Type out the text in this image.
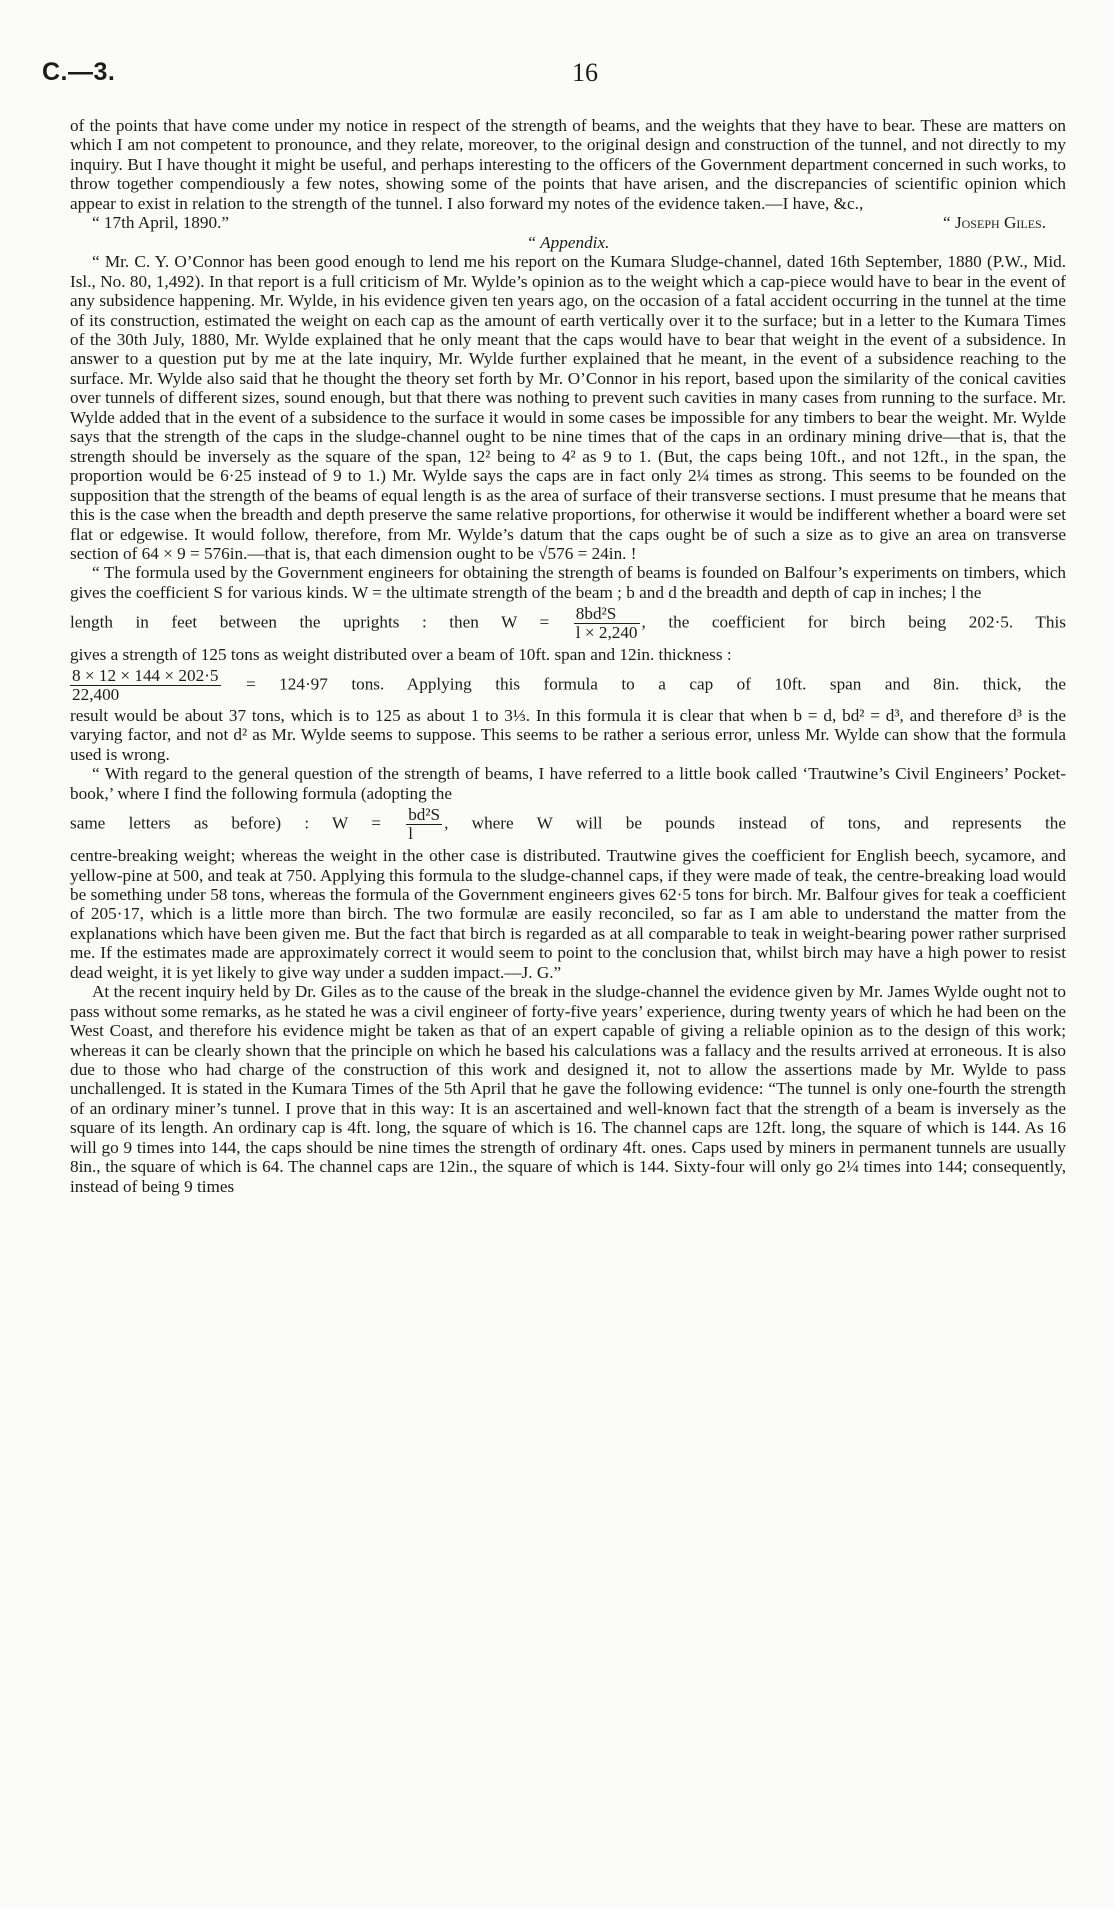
C.—3.	16

of the points that have come under my notice in respect of the strength of beams, and the weights that they have to bear. These are matters on which I am not competent to pronounce, and they relate, moreover, to the original design and construction of the tunnel, and not directly to my inquiry. But I have thought it might be useful, and perhaps interesting to the officers of the Government department concerned in such works, to throw together compendiously a few notes, showing some of the points that have arisen, and the discrepancies of scientific opinion which appear to exist in relation to the strength of the tunnel. I also forward my notes of the evidence taken.—I have, &c.,

“ 17th April, 1890.”	“ Joseph Giles.

“ Appendix.

“ Mr. C. Y. O’Connor has been good enough to lend me his report on the Kumara Sludge-channel, dated 16th September, 1880 (P.W., Mid. Isl., No. 80, 1,492). In that report is a full criticism of Mr. Wylde’s opinion as to the weight which a cap-piece would have to bear in the event of any subsidence happening. Mr. Wylde, in his evidence given ten years ago, on the occasion of a fatal accident occurring in the tunnel at the time of its construction, estimated the weight on each cap as the amount of earth vertically over it to the surface; but in a letter to the Kumara Times of the 30th July, 1880, Mr. Wylde explained that he only meant that the caps would have to bear that weight in the event of a subsidence. In answer to a question put by me at the late inquiry, Mr. Wylde further explained that he meant, in the event of a subsidence reaching to the surface. Mr. Wylde also said that he thought the theory set forth by Mr. O’Connor in his report, based upon the similarity of the conical cavities over tunnels of different sizes, sound enough, but that there was nothing to prevent such cavities in many cases from running to the surface. Mr. Wylde added that in the event of a subsidence to the surface it would in some cases be impossible for any timbers to bear the weight. Mr. Wylde says that the strength of the caps in the sludge-channel ought to be nine times that of the caps in an ordinary mining drive—that is, that the strength should be inversely as the square of the span, 12² being to 4² as 9 to 1. (But, the caps being 10ft., and not 12ft., in the span, the proportion would be 6·25 instead of 9 to 1.) Mr. Wylde says the caps are in fact only 2¼ times as strong. This seems to be founded on the supposition that the strength of the beams of equal length is as the area of surface of their transverse sections. I must presume that he means that this is the case when the breadth and depth preserve the same relative proportions, for otherwise it would be indifferent whether a board were set flat or edgewise. It would follow, therefore, from Mr. Wylde’s datum that the caps ought be of such a size as to give an area on transverse section of 64 × 9 = 576in.—that is, that each dimension ought to be √576 = 24in. !

“ The formula used by the Government engineers for obtaining the strength of beams is founded on Balfour’s experiments on timbers, which gives the coefficient S for various kinds. W = the ultimate strength of the beam ; b and d the breadth and depth of cap in inches; l the

length in feet between the uprights : then $W = \frac{\text{8bd²S}}{l \times 2,240}$ , the coefficient for birch being 202·5. This

gives a strength of 125 tons as weight distributed over a beam of 10ft. span and 12in. thickness :

$\frac{8 \times 12 \times 144 \times 202\cdot 5}{22,400} = 124\cdot 97$ tons. Applying this formula to a cap of 10ft. span and 8in. thick, the

result would be about 37 tons, which is to 125 as about 1 to 3⅓. In this formula it is clear that when b = d, bd² = d³, and therefore d³ is the varying factor, and not d² as Mr. Wylde seems to suppose. This seems to be rather a serious error, unless Mr. Wylde can show that the formula used is wrong.

“ With regard to the general question of the strength of beams, I have referred to a little book called ‘Trautwine’s Civil Engineers’ Pocket-book,’ where I find the following formula (adopting the

same letters as before) : $W = \frac{\text{bd²S}}{l}$ , where W will be pounds instead of tons, and represents the

centre-breaking weight; whereas the weight in the other case is distributed. Trautwine gives the coefficient for English beech, sycamore, and yellow-pine at 500, and teak at 750. Applying this formula to the sludge-channel caps, if they were made of teak, the centre-breaking load would be something under 58 tons, whereas the formula of the Government engineers gives 62·5 tons for birch. Mr. Balfour gives for teak a coefficient of 205·17, which is a little more than birch. The two formulæ are easily reconciled, so far as I am able to understand the matter from the explanations which have been given me. But the fact that birch is regarded as at all comparable to teak in weight-bearing power rather surprised me. If the estimates made are approximately correct it would seem to point to the conclusion that, whilst birch may have a high power to resist dead weight, it is yet likely to give way under a sudden impact.—J. G.”

At the recent inquiry held by Dr. Giles as to the cause of the break in the sludge-channel the evidence given by Mr. James Wylde ought not to pass without some remarks, as he stated he was a civil engineer of forty-five years’ experience, during twenty years of which he had been on the West Coast, and therefore his evidence might be taken as that of an expert capable of giving a reliable opinion as to the design of this work; whereas it can be clearly shown that the principle on which he based his calculations was a fallacy and the results arrived at erroneous. It is also due to those who had charge of the construction of this work and designed it, not to allow the assertions made by Mr. Wylde to pass unchallenged. It is stated in the Kumara Times of the 5th April that he gave the following evidence: “The tunnel is only one-fourth the strength of an ordinary miner’s tunnel. I prove that in this way: It is an ascertained and well-known fact that the strength of a beam is inversely as the square of its length. An ordinary cap is 4ft. long, the square of which is 16. The channel caps are 12ft. long, the square of which is 144. As 16 will go 9 times into 144, the caps should be nine times the strength of ordinary 4ft. ones. Caps used by miners in permanent tunnels are usually 8in., the square of which is 64. The channel caps are 12in., the square of which is 144. Sixty-four will only go 2¼ times into 144; consequently, instead of being 9 times
